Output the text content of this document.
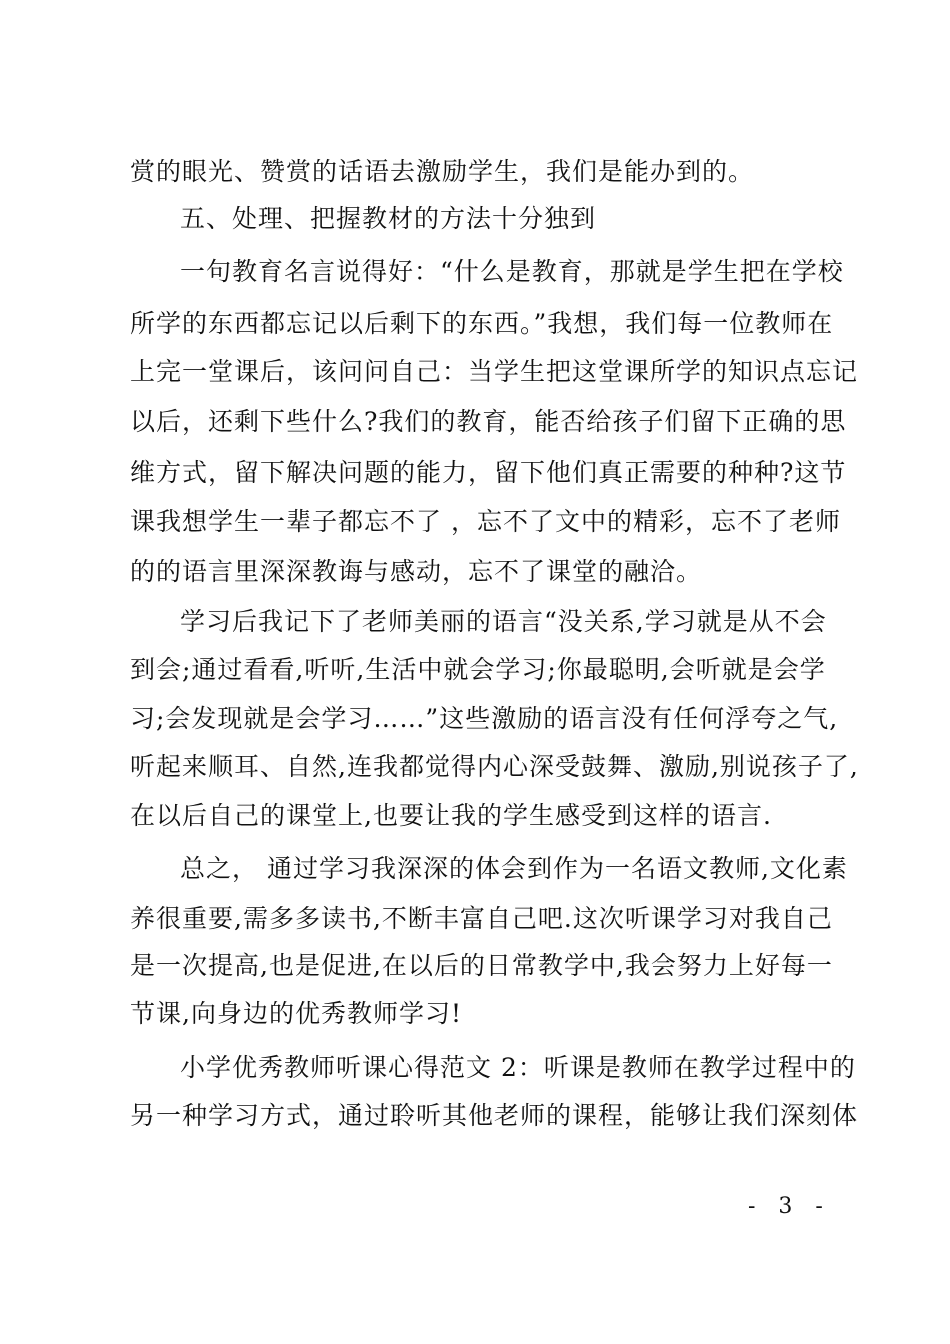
赏的眼光、赞赏的话语去激励学生，我们是能办到的。
五、处理、把握教材的方法十分独到
一句教育名言说得好：“什么是教育，那就是学生把在学校
所学的东西都忘记以后剩下的东西。”我想，我们每一位教师在
上完一堂课后，该问问自己：当学生把这堂课所学的知识点忘记
以后，还剩下些什么?我们的教育，能否给孩子们留下正确的思
维方式，留下解决问题的能力，留下他们真正需要的种种?这节
课我想学生一辈子都忘不了 ，忘不了文中的精彩，忘不了老师
的的语言里深深教诲与感动，忘不了课堂的融洽。
学习后我记下了老师美丽的语言“没关系,学习就是从不会
到会;通过看看,听听,生活中就会学习;你最聪明,会听就是会学
习;会发现就是会学习……”这些激励的语言没有任何浮夸之气,
听起来顺耳、自然,连我都觉得内心深受鼓舞、激励,别说孩子了,
在以后自己的课堂上,也要让我的学生感受到这样的语言.
总之， 通过学习我深深的体会到作为一名语文教师,文化素
养很重要,需多多读书,不断丰富自己吧.这次听课学习对我自己
是一次提高,也是促进,在以后的日常教学中,我会努力上好每一
节课,向身边的优秀教师学习!
小学优秀教师听课心得范文 2：听课是教师在教学过程中的
另一种学习方式，通过聆听其他老师的课程，能够让我们深刻体
- 3 -
